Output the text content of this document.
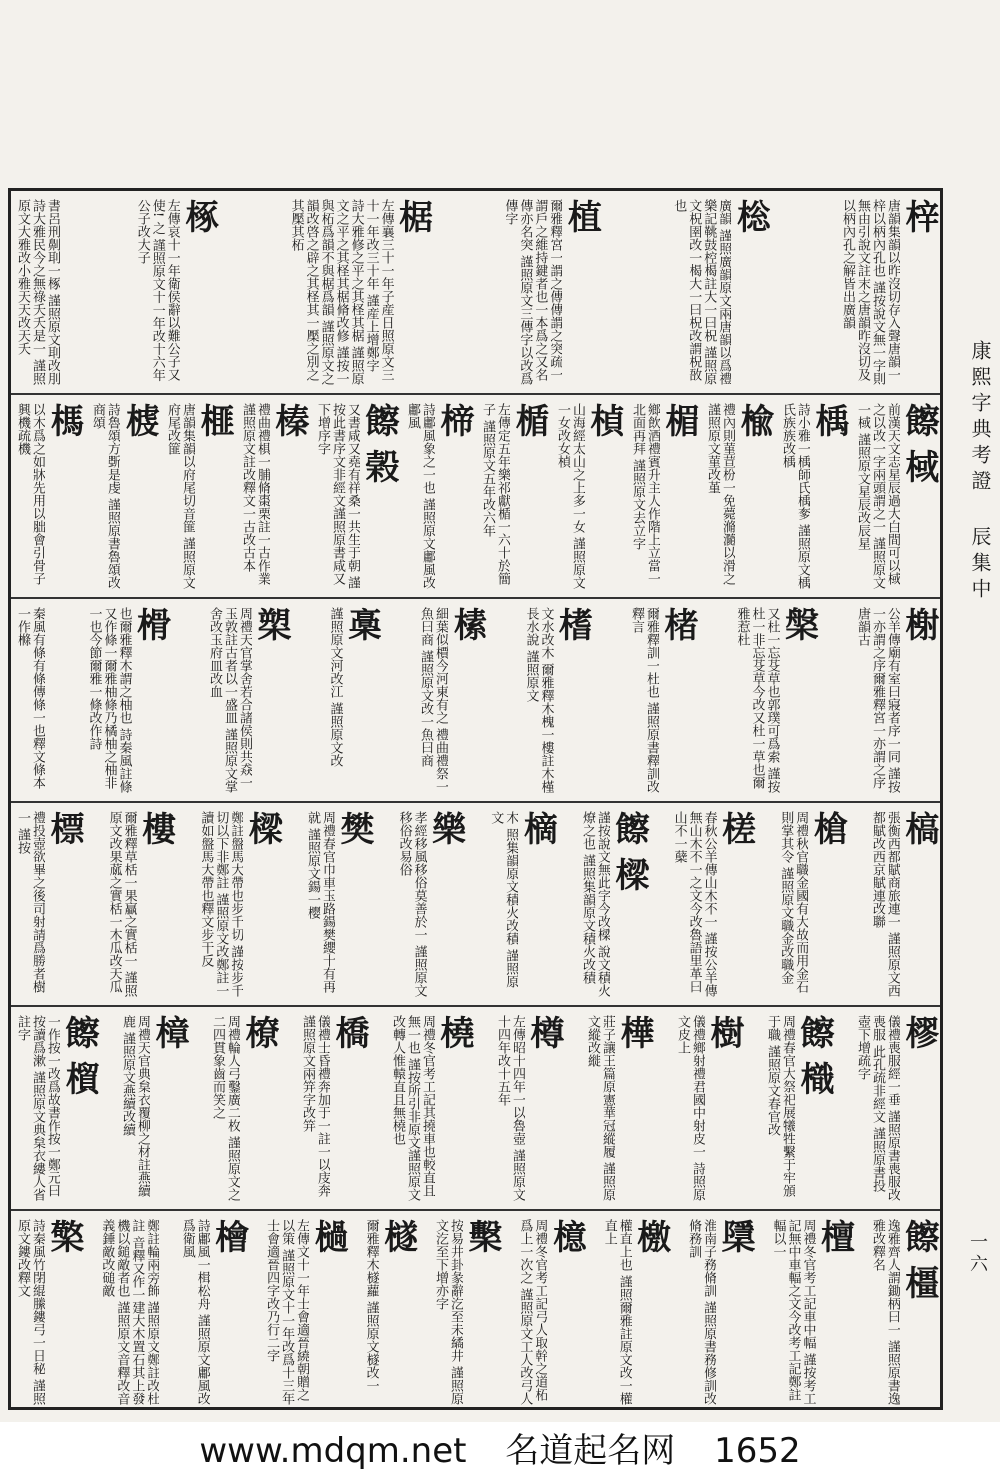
康熙字典考證 辰集中
一六
梓
唐韻集韻以昨沒切存入聲唐韻一梓以柄內孔也 謹按說文無一字則無由引說文註末之唐韻昨沒切及以柄內孔之解皆出廣韻
棇
廣韻 謹照廣韻原文兩唐韻以爲禮樂記鞉鼓椌楬註大一曰柷 謹照原文柷圉改一楬大一曰柷改謂柷敔也
植
爾雅釋宮一謂之傳傳謂之突疏一謂戶之維持鍵者也一本爲之又名傳亦名突 謹照原文三傳字以改爲傳字
椐
左傳襄三十一年子産日照原文三十一年改三十年 謹産上增鄭字 詩大雅修之平之其柽其椐 謹照原文之平之其柽其椐脩改修 謹按一與柘爲韻不與椐爲韻 謹照原文之韻改啓之辟之其柽其一檿之別之其檿其柘
椓
左傳哀十一年衛侯辭以難公子又使! 之 謹照原文十一年改十六年公子改大子
書呂刑劓刵一椓 謹照原文刵改刖 詩大雅民今之無祿夭夭是一 謹照原文大雅改小雅天天改天夭
𩟔 棫
前漢天文志星辰過大白間可以棫之以改一字兩頭謂之一 謹照原文一棫 謹照原文星辰改辰星
楀
詩小雅一楀師氏楀奓 謹照原文楀氏族族改楀
楡
禮內則菫荁枌一免薨滫瀡以滑之 謹照原文菫改堇
楣
鄉飲酒禮賓升主人作階上立當一北面再拜 謹照原文去立字
楨
山海經太山之上多一女 謹照原文一女改女楨
楯
左傳定五年樂祁獻楯一六十於簡子 謹照原文五年改六年
楴
詩鄘風象之一也 謹照原文鄘風改鄘風
𩟔 榖
又書咸又堯有祥桑一共生于朝 謹按此書序文非經文謹照原書咸又下增序字
榛
禮曲禮椇一脯脩棗栗註一古作業 謹照原文註改釋文一古改古本
榧
唐韻集韻以府尾切音篚 謹照原文府尾改篚
榩
詩魯頌方斲是虔 謹照原書魯頌改商頌
榪
以木爲之如牀先用以胐會引骨子興機疏機
榭
公羊傳廟有室曰寢者序一同 謹按一亦謂之序爾雅釋宮一亦謂之序唐韻古
槃
又杜一忘芟草也郭璞可爲索 謹按杜一非忘芟草今改又杜一草也爾雅惹杜
楮
爾雅釋訓一杜也 謹照原書釋訓改釋言
榰
文水改木 爾雅釋木槐一樓註木槿 長水說 謹照原文
榡
細葉似檟今河東有之 禮曲禮祭一魚曰商 謹照原文改一魚曰商
槀
謹照原文河改江 謹照原文改
槊
周禮天官掌舍若合諸侯則共猋一玉敦註古者以一盛皿 謹照原文掌舍改玉府皿改血
榾
也爾雅釋木謂之柚也 詩秦風註條又作條一爾雅柚條乃橘柚之柚非一也今節爾雅一條改作詩
秦風有條有條傳條一也釋文條本一作樤
槁
張衡西都賦商旅連一 謹照原文西都賦改西京賦連改聯
槍
周禮秋官職金國有大故而用金石則掌其令 謹照原文職金改職金
槎
春秋公羊傳山木不一 謹按公羊傳無山木不一之文今改魯語里革曰山不一蘖
𩟔 樑
謹按說文無此字今改樑 說文積火燎之也 謹照集韻原文積火改積
樀
木 照集韻原文積火改積 謹照原文
樂
孝經移風移俗莫善於一 謹照原文移俗改易俗
樊
周禮春官巾車玉路鍚樊纓十有再就 謹照原文鍚一樱
樑
鄭註盤馬大帶也步千切 謹按步千切以下非鄭註 謹照原文改鄭註一讀如盤馬大帶也釋文步干反
樓
爾雅釋草栝一果贏之實栝一 謹照原文改果蓏之實栝一木瓜改天瓜
標
禮投壺欲畢之後司射請爲勝者樹一 謹按
樛
儀禮喪服經一垂 謹照原書喪服改喪服 此孔疏非經文 謹照原書投壺下增疏字
𩟔 樴
周禮春官大祭祀展犧牲繫于牢頒于職 謹照原文春官改
樹
儀禮鄉射禮君國中射皮一 詩照原文皮上
樺
莊子讓王篇原憲華冠縱履 謹照原文縱改縰
樽
左傳昭十四年一以魯壺 謹照原文十四年改十五年
橈
周禮冬官考工記其撓車也較直且無一也 謹按所引非原文謹照原文改轉人惟轅直且無橈也
橋
儀禮士昏禮奔加于一註一以庋奔 謹照原文兩笄字改笄
橑
周禮輪人弓鑿廣二枚 謹照原文之二四貫象齒而笑之
樟
周禮天官典枲衣覆柳之材註燕續鹿 謹照原文燕續改續
𩟔 橮
一作按一改爲故書作按一鄭元曰按讀爲漱 謹照原文典枲衣縷人省註字
𩟔 橿
逸雅齊人謂鋤柄曰一 謹照原書逸雅改釋名
檀
周禮冬官考工記車中幅 謹按考工記無中車輻之文今改考工記鄭註輻以一
檃
淮南子務脩訓 謹照原書務修訓改脩務訓
檄
權直上也 謹照爾雅註原文改一權直上
檍
周禮冬官考工記弓人取幹之道柘爲上一次之 謹照原文工人改弓人
檕
按易井卦彖辭汔至未繘井 謹照原文汔至下增亦字
檖
爾雅釋木檖蘿 謹照原文檖改一
檛
左傳文十一年士會適晉繞朝贈之以策 謹照原文十一年改爲十三年士會適晉四字改乃行二字
檜
詩鄘風一楫松舟 謹照原文鄘風改爲衛風
鄭註輪兩旁飾 謹照原文鄭註改杜註 音釋又作一建大木置石其上發機以鎚敵者也 謹照原文音釋改音義錘敵改磓敵
檠
詩秦風竹閉緄縢鏤弓一日秘 謹照原文鏤改釋文
www.mdqm.net 名道起名网 1652
